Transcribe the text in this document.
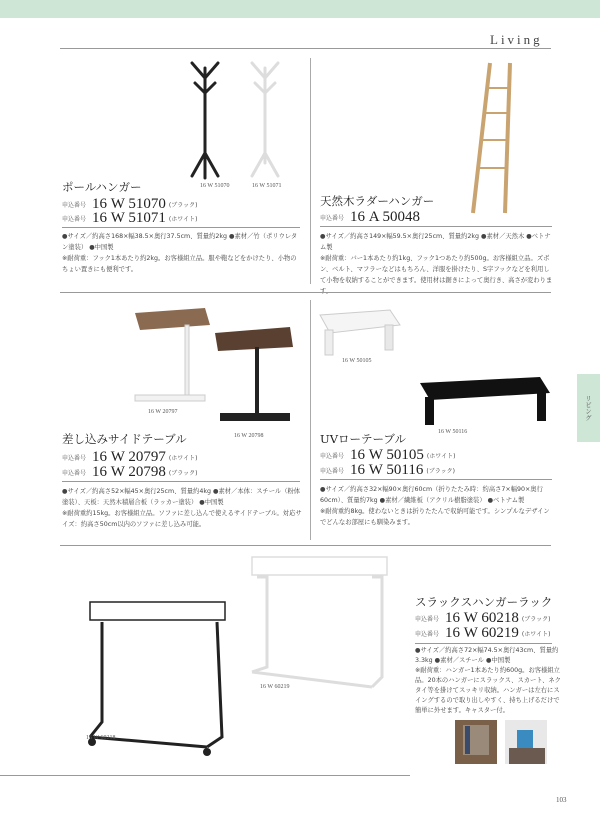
Living
16 W 51070	16 W 51071
ポールハンガー
申込番号 16 W 51070 (ブラック)
申込番号 16 W 51071 (ホワイト)
●サイズ／約高さ168×幅38.5×奥行37.5cm、質量約2kg ●素材／竹（ポリウレタン塗装） ●中国製
※耐荷重：フック1本あたり約2kg。お客様組立品。服や鞄などをかけたり、小物のちょい置きにも便利です。
天然木ラダーハンガー
申込番号 16 A 50048
●サイズ／約高さ149×幅59.5×奥行25cm、質量約2kg ●素材／天然木 ●ベトナム製
※耐荷重：バー1本あたり約1kg、フック1つあたり約500g。お客様組立品。ズボン、ベルト、マフラーなどはもちろん、洋服を掛けたり、S字フックなどを利用して小物を収納することができます。使用材は鋸きによって奥行き、高さが変わりま
16 W 20797
16 W 20798
差し込みサイドテーブル
申込番号 16 W 20797 (ホワイト)
申込番号 16 W 20798 (ブラック)
●サイズ／約高さ52×幅45×奥行25cm、質量約4kg ●素材／本体：スチール（粉体塗装）、天板：天然木積層合板（ラッカー塗装） ●中国製
※耐荷重約15kg。お客様組立品。ソファに差し込んで使えるサイドテーブル。対応サイズ：約高さ50cm以内のソファに差し込み可能。
16 W 50105
16 W 50116
UVローテーブル
申込番号 16 W 50105 (ホワイト)
申込番号 16 W 50116 (ブラック)
●サイズ／約高さ32×幅90×奥行60cm（折りたたみ時：約高さ7×幅90×奥行60cm）、質量約7kg ●素材／繊維板（アクリル樹脂塗装） ●ベトナム製
※耐荷重約8kg。使わないときは折りたたんで収納可能です。シンプルなデザインでどんなお部屋にも馴染みます。
リビング
16 W 60218
16 W 60219
スラックスハンガーラック
申込番号 16 W 60218 (ブラック)
申込番号 16 W 60219 (ホワイト)
●サイズ／約高さ72×幅74.5×奥行43cm、質量約3.3kg ●素材／スチール ●中国製
※耐荷重：ハンガー1本あたり約600g。お客様組立品。20本のハンガーにスラックス、スカート、ネクタイ等を掛けてスッキリ収納。ハンガーは左右にスイングするので取り出しやすく、持ち上げるだけで簡単に外せます。キャスター付。
103
